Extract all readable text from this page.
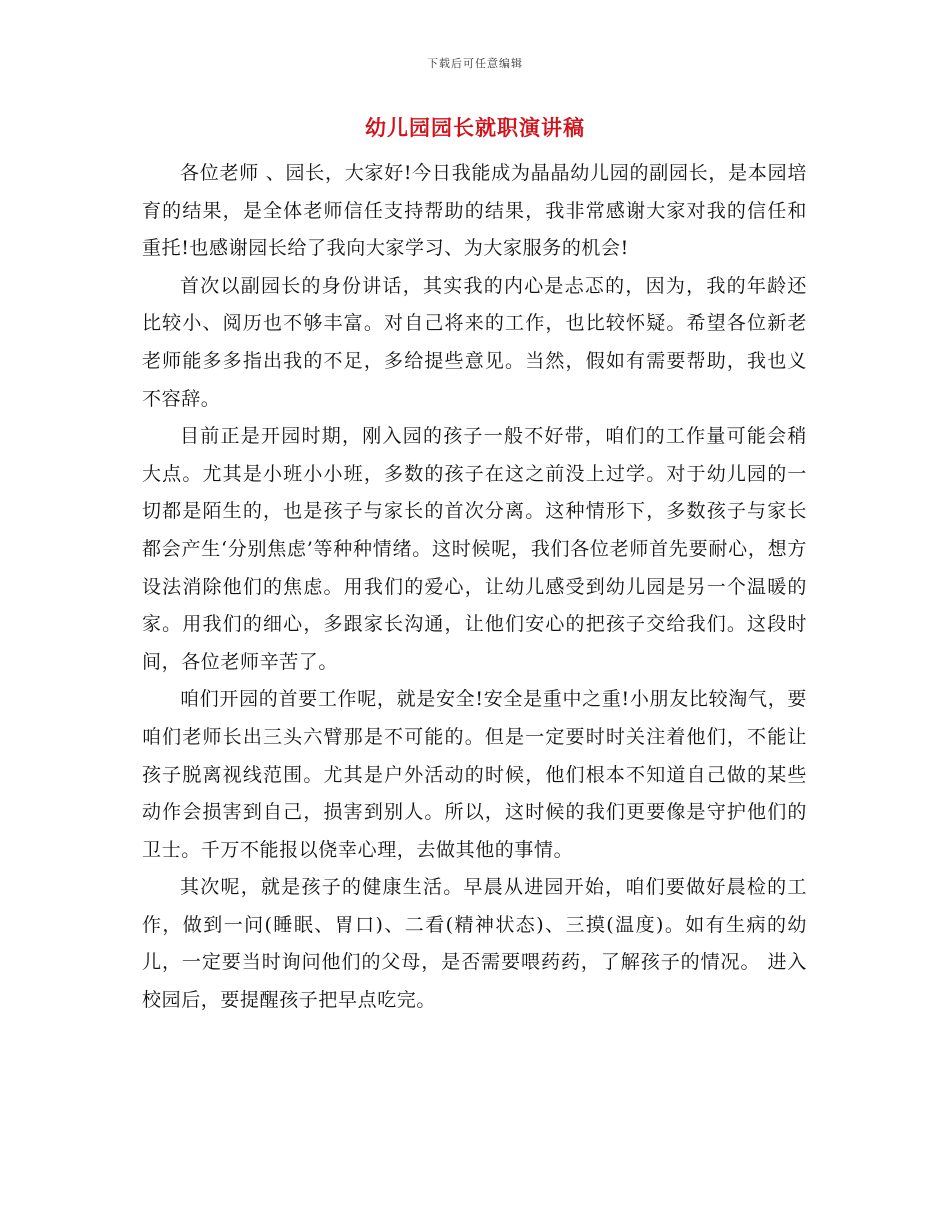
下载后可任意编辑
幼儿园园长就职演讲稿

各位老师 、园长，大家好!今日我能成为晶晶幼儿园的副园长，是本园培育的结果，是全体老师信任支持帮助的结果，我非常感谢大家对我的信任和重托!也感谢园长给了我向大家学习、为大家服务的机会!

首次以副园长的身份讲话，其实我的内心是忐忑的，因为，我的年龄还比较小、阅历也不够丰富。对自己将来的工作，也比较怀疑。希望各位新老老师能多多指出我的不足，多给提些意见。当然，假如有需要帮助，我也义不容辞。

目前正是开园时期，刚入园的孩子一般不好带，咱们的工作量可能会稍大点。尤其是小班小小班，多数的孩子在这之前没上过学。对于幼儿园的一切都是陌生的，也是孩子与家长的首次分离。这种情形下，多数孩子与家长都会产生‘分别焦虑’等种种情绪。这时候呢，我们各位老师首先要耐心，想方设法消除他们的焦虑。用我们的爱心，让幼儿感受到幼儿园是另一个温暖的家。用我们的细心，多跟家长沟通，让他们安心的把孩子交给我们。这段时间，各位老师辛苦了。

咱们开园的首要工作呢，就是安全!安全是重中之重!小朋友比较淘气，要咱们老师长出三头六臂那是不可能的。但是一定要时时关注着他们，不能让孩子脱离视线范围。尤其是户外活动的时候，他们根本不知道自己做的某些动作会损害到自己，损害到别人。所以，这时候的我们更要像是守护他们的卫士。千万不能报以侥幸心理，去做其他的事情。

其次呢，就是孩子的健康生活。早晨从进园开始，咱们要做好晨检的工作，做到一问(睡眠、胃口)、二看(精神状态)、三摸(温度)。如有生病的幼儿，一定要当时询问他们的父母，是否需要喂药药，了解孩子的情况。 进入校园后，要提醒孩子把早点吃完。
